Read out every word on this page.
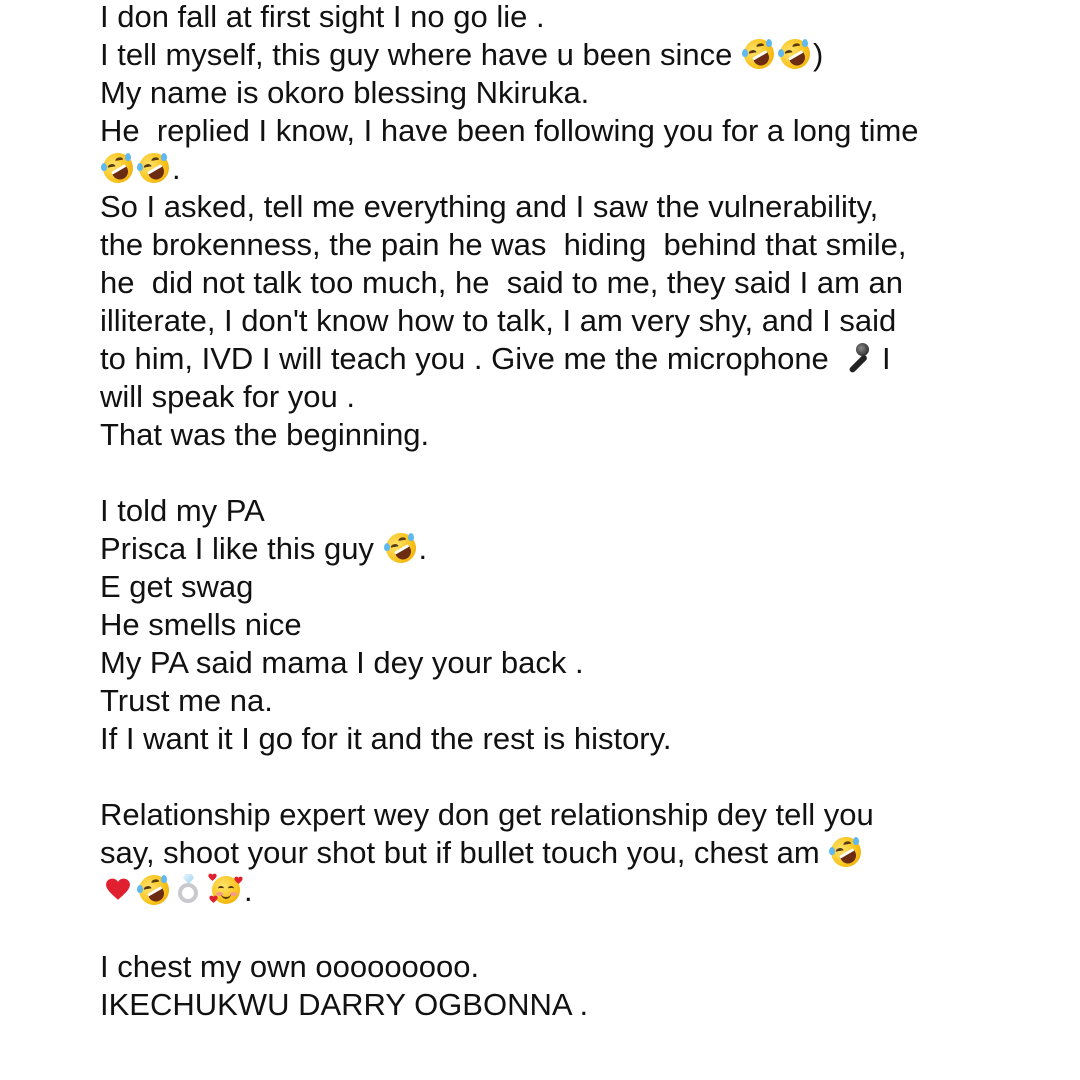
I don fall at first sight I no go lie .
I tell myself, this guy where have u been since
)
My name is okoro blessing Nkiruka.
He  replied I know, I have been following you for a long time
.
So I asked, tell me everything and I saw the vulnerability,
the brokenness, the pain he was  hiding  behind that smile,
he  did not talk too much, he  said to me, they said I am an
illiterate, I don't know how to talk, I am very shy, and I said
to him, IVD I will teach you . Give me the microphone
I
will speak for you .
That was the beginning.
I told my PA
Prisca I like this guy
.
E get swag
He smells nice
My PA said mama I dey your back .
Trust me na.
If I want it I go for it and the rest is history.
Relationship expert wey don get relationship dey tell you
say, shoot your shot but if bullet touch you, chest am
.
I chest my own ooooooooo.
IKECHUKWU DARRY OGBONNA .
